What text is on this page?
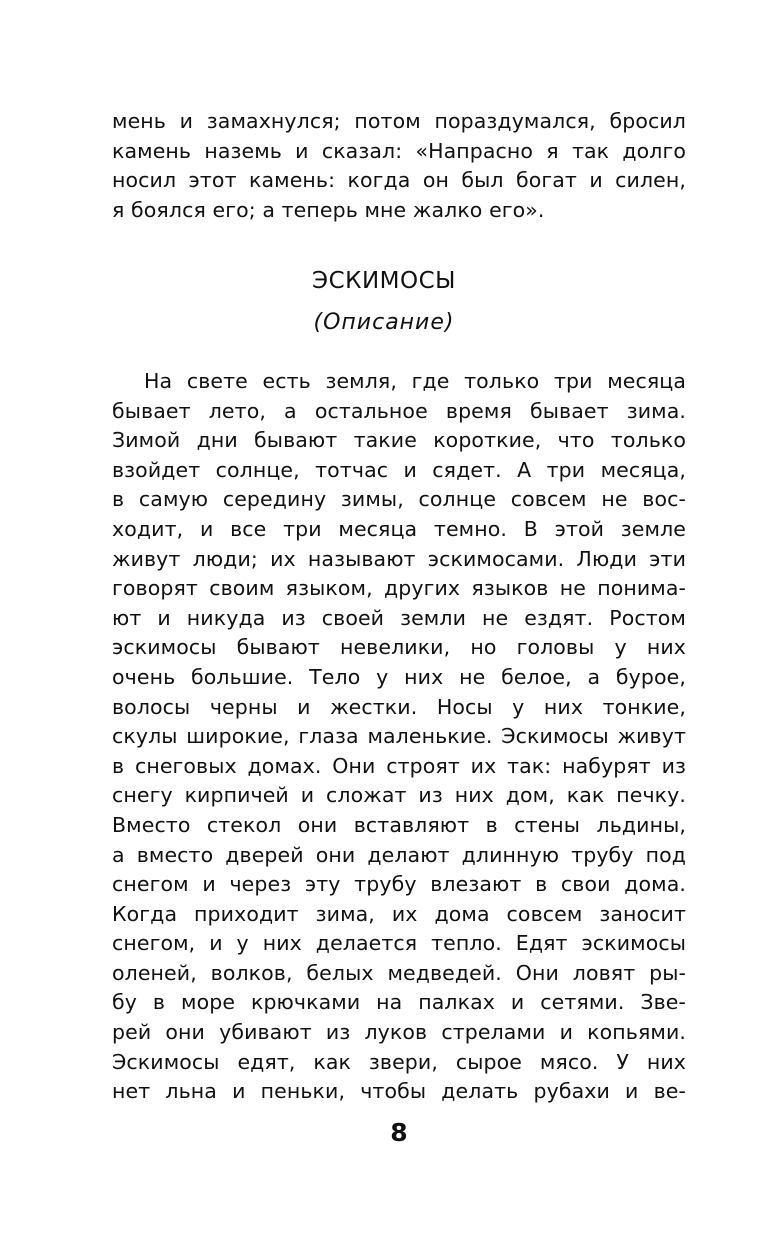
мень и замахнулся; потом пораздумался, бросил
камень наземь и сказал: «Напрасно я так долго
носил этот камень: когда он был богат и силен,
я боялся его; а теперь мне жалко его».
ЭСКИМОСЫ
(Описание)
На свете есть земля, где только три месяца
бывает лето, а остальное время бывает зима.
Зимой дни бывают такие короткие, что только
взойдет солнце, тотчас и сядет. А три месяца,
в самую середину зимы, солнце совсем не вос-
ходит, и все три месяца темно. В этой земле
живут люди; их называют эскимосами. Люди эти
говорят своим языком, других языков не понима-
ют и никуда из своей земли не ездят. Ростом
эскимосы бывают невелики, но головы у них
очень большие. Тело у них не белое, а бурое,
волосы черны и жестки. Носы у них тонкие,
скулы широкие, глаза маленькие. Эскимосы живут
в снеговых домах. Они строят их так: набурят из
снегу кирпичей и сложат из них дом, как печку.
Вместо стекол они вставляют в стены льдины,
а вместо дверей они делают длинную трубу под
снегом и через эту трубу влезают в свои дома.
Когда приходит зима, их дома совсем заносит
снегом, и у них делается тепло. Едят эскимосы
оленей, волков, белых медведей. Они ловят ры-
бу в море крючками на палках и сетями. Зве-
рей они убивают из луков стрелами и копьями.
Эскимосы едят, как звери, сырое мясо. У них
нет льна и пеньки, чтобы делать рубахи и ве-
8
